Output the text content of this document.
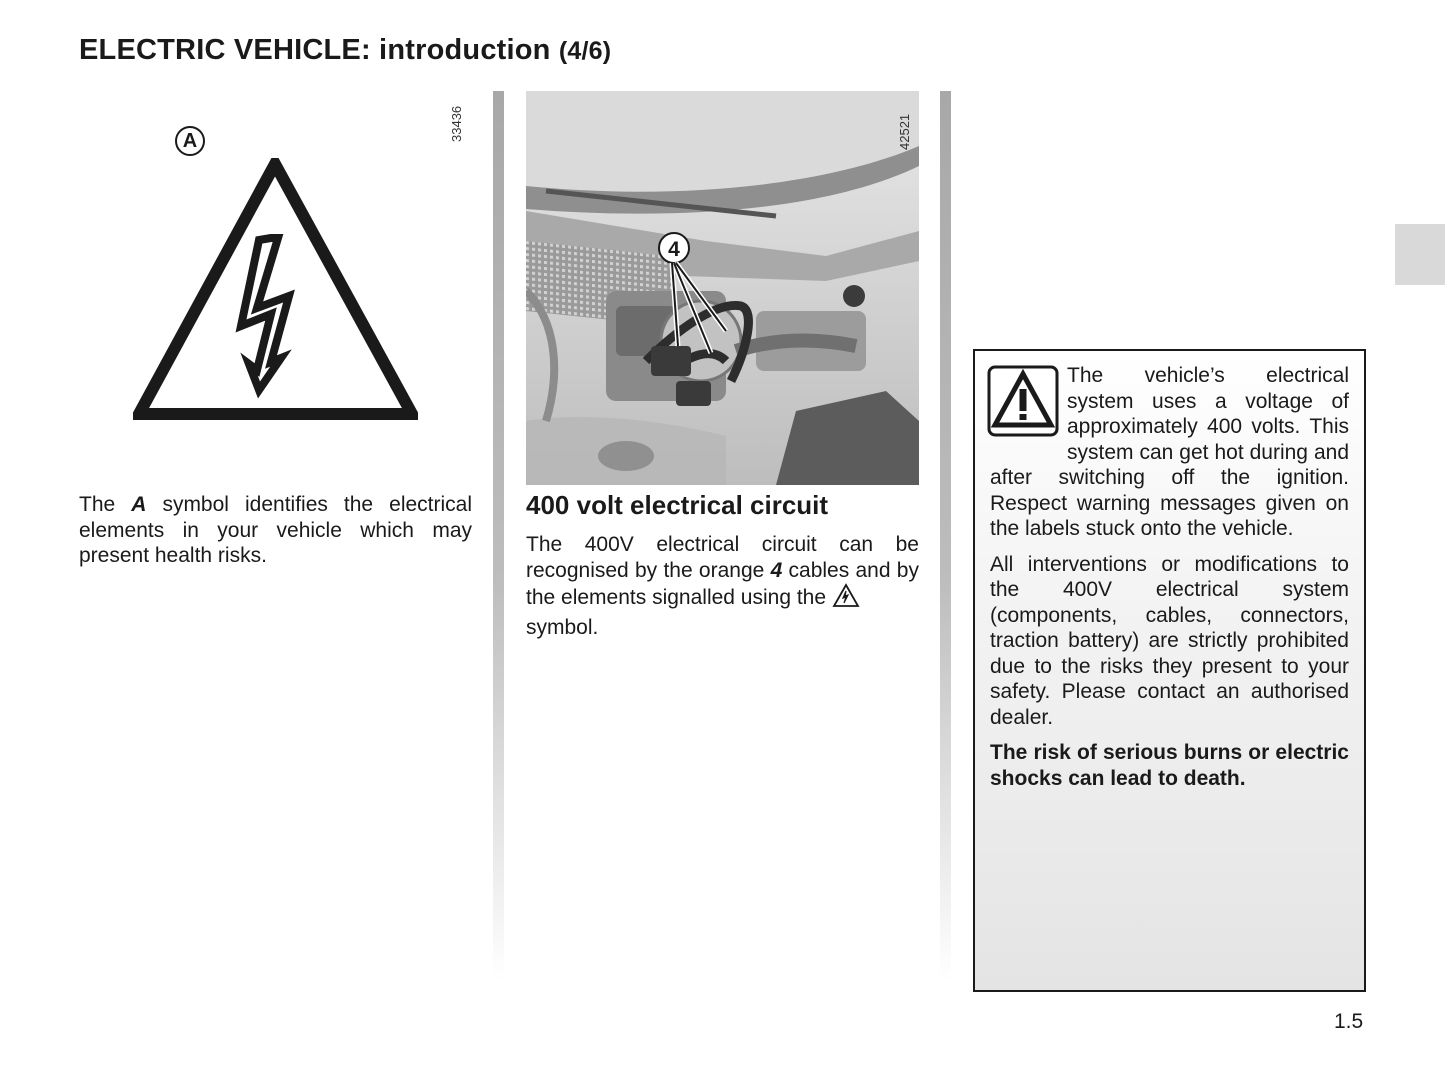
ELECTRIC VEHICLE: introduction (4/6)
33436
A
The A symbol identifies the electrical elements in your vehicle which may present health risks.
4
42521
400 volt electrical circuit
The 400V electrical circuit can be recognised by the orange 4 cables and by the elements signalled using the
symbol.

The vehicle’s electrical system uses a voltage of approximately 400 volts. This system can get hot during and after switching off the ignition. Respect warning messages given on the labels stuck onto the vehicle.

All interventions or modifications to the 400V electrical system (components, cables, connectors, traction battery) are strictly prohibited due to the risks they present to your safety. Please contact an authorised dealer.

The risk of serious burns or electric shocks can lead to death.

1.5
